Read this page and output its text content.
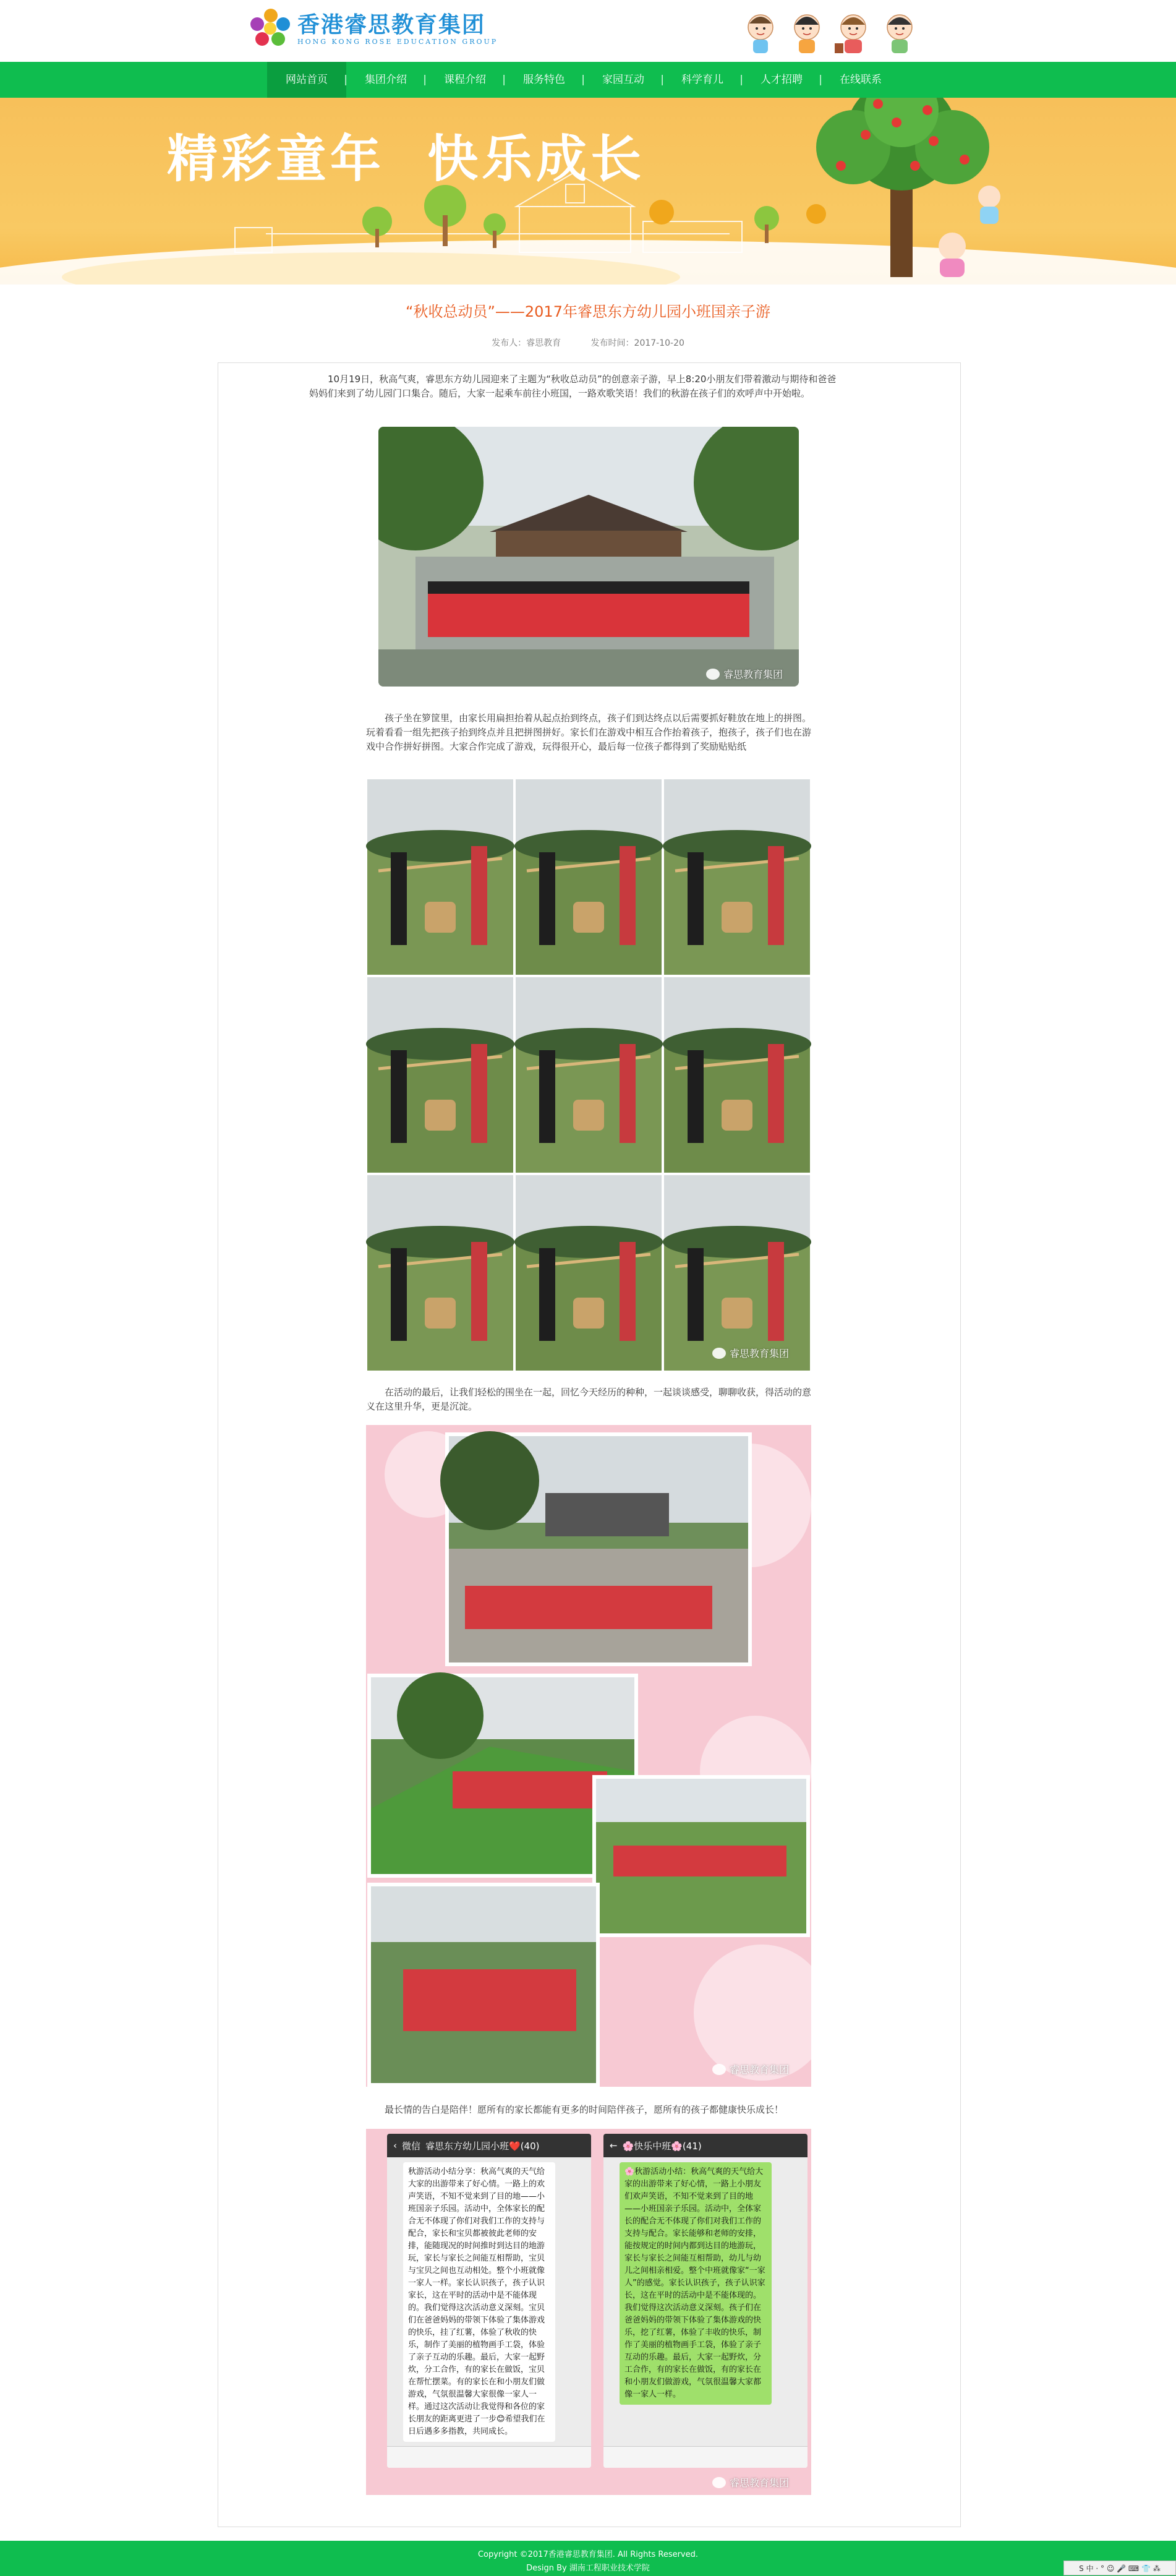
香港睿思教育集团
HONG KONG ROSE EDUCATION GROUP
网站首页 |	集团介绍 |	课程介绍 |	服务特色 |	家园互动 |	科学育儿 |	人才招聘 |	在线联系
精彩童年  快乐成长
“秋收总动员”——2017年睿思东方幼儿园小班国亲子游
发布人：睿思教育	发布时间：2017-10-20
10月19日，秋高气爽，睿思东方幼儿园迎来了主题为“秋收总动员”的创意亲子游，早上8:20小朋友们带着激动与期待和爸爸妈妈们来到了幼儿园门口集合。随后，大家一起乘车前往小班国，一路欢歌笑语！我们的秋游在孩子们的欢呼声中开始啦。
睿思教育集团
孩子坐在箩筐里，由家长用扁担抬着从起点抬到终点，孩子们到达终点以后需要抓好鞋放在地上的拼图。玩着看看一组先把孩子抬到终点并且把拼图拼好。家长们在游戏中相互合作抬着孩子，抱孩子，孩子们也在游戏中合作拼好拼图。大家合作完成了游戏，玩得很开心，最后每一位孩子都得到了奖励贴贴纸
睿思教育集团
在活动的最后，让我们轻松的围坐在一起，回忆今天经历的种种，一起谈谈感受，聊聊收获，得活动的意义在这里升华，更是沉淀。
睿思教育集团
最长情的告白是陪伴！愿所有的家长都能有更多的时间陪伴孩子，愿所有的孩子都健康快乐成长！
‹ 微信 睿思东方幼儿园小班❤️(40)
秋游活动小结分享：秋高气爽的天气给大家的出游带来了好心情。一路上的欢声笑语，不知不觉来到了目的地——小班国亲子乐园。活动中，全体家长的配合无不体现了你们对我们工作的支持与配合，家长和宝贝都被彼此老师的安排，能随现况的时间推时到达目的地游玩，家长与家长之间能互相帮助，宝贝与宝贝之间也互动相处。整个小班就像一家人一样。家长认识孩子，孩子认识家长，这在平时的活动中是不能体现的。我们觉得这次活动意义深刻。宝贝们在爸爸妈妈的带领下体验了集体游戏的快乐，挂了红薯，体验了秋收的快乐，制作了美丽的植物画手工袋，体验了亲子互动的乐趣。最后，大家一起野炊，分工合作，有的家长在做饭，宝贝在帮忙摆菜。有的家长在和小朋友们做游戏，气氛很温馨大家很像一家人一样。通过这次活动让我觉得和各位的家长朋友的距离更进了一步😊希望我们在日后遇多多指教，共同成长。
← 🌸快乐中班🌸(41)
🌸秋游活动小结：秋高气爽的天气给大家的出游带来了好心情，一路上小朋友们欢声笑语，不知不觉来到了目的地——小班国亲子乐园。活动中，全体家长的配合无不体现了你们对我们工作的支持与配合。家长能够和老师的安排，能按规定的时间内都到达目的地游玩，家长与家长之间能互相帮助，幼儿与幼儿之间相亲相爱。整个中班就像家“一家人”的感觉。家长认识孩子，孩子认识家长，这在平时的活动中是不能体现的。我们觉得这次活动意义深刻。孩子们在爸爸妈妈的带领下体验了集体游戏的快乐，挖了红薯，体验了丰收的快乐，制作了美丽的植物画手工袋，体验了亲子互动的乐趣。最后，大家一起野炊，分工合作，有的家长在做饭，有的家长在和小朋友们做游戏，气氛很温馨大家都像一家人一样。
睿思教育集团
Copyright ©2017香港睿思教育集团. All Rights Reserved.
Design By 湖南工程职业技术学院	S 中 · ° ☺ 🎤 ⌨ 👕 ⁂
